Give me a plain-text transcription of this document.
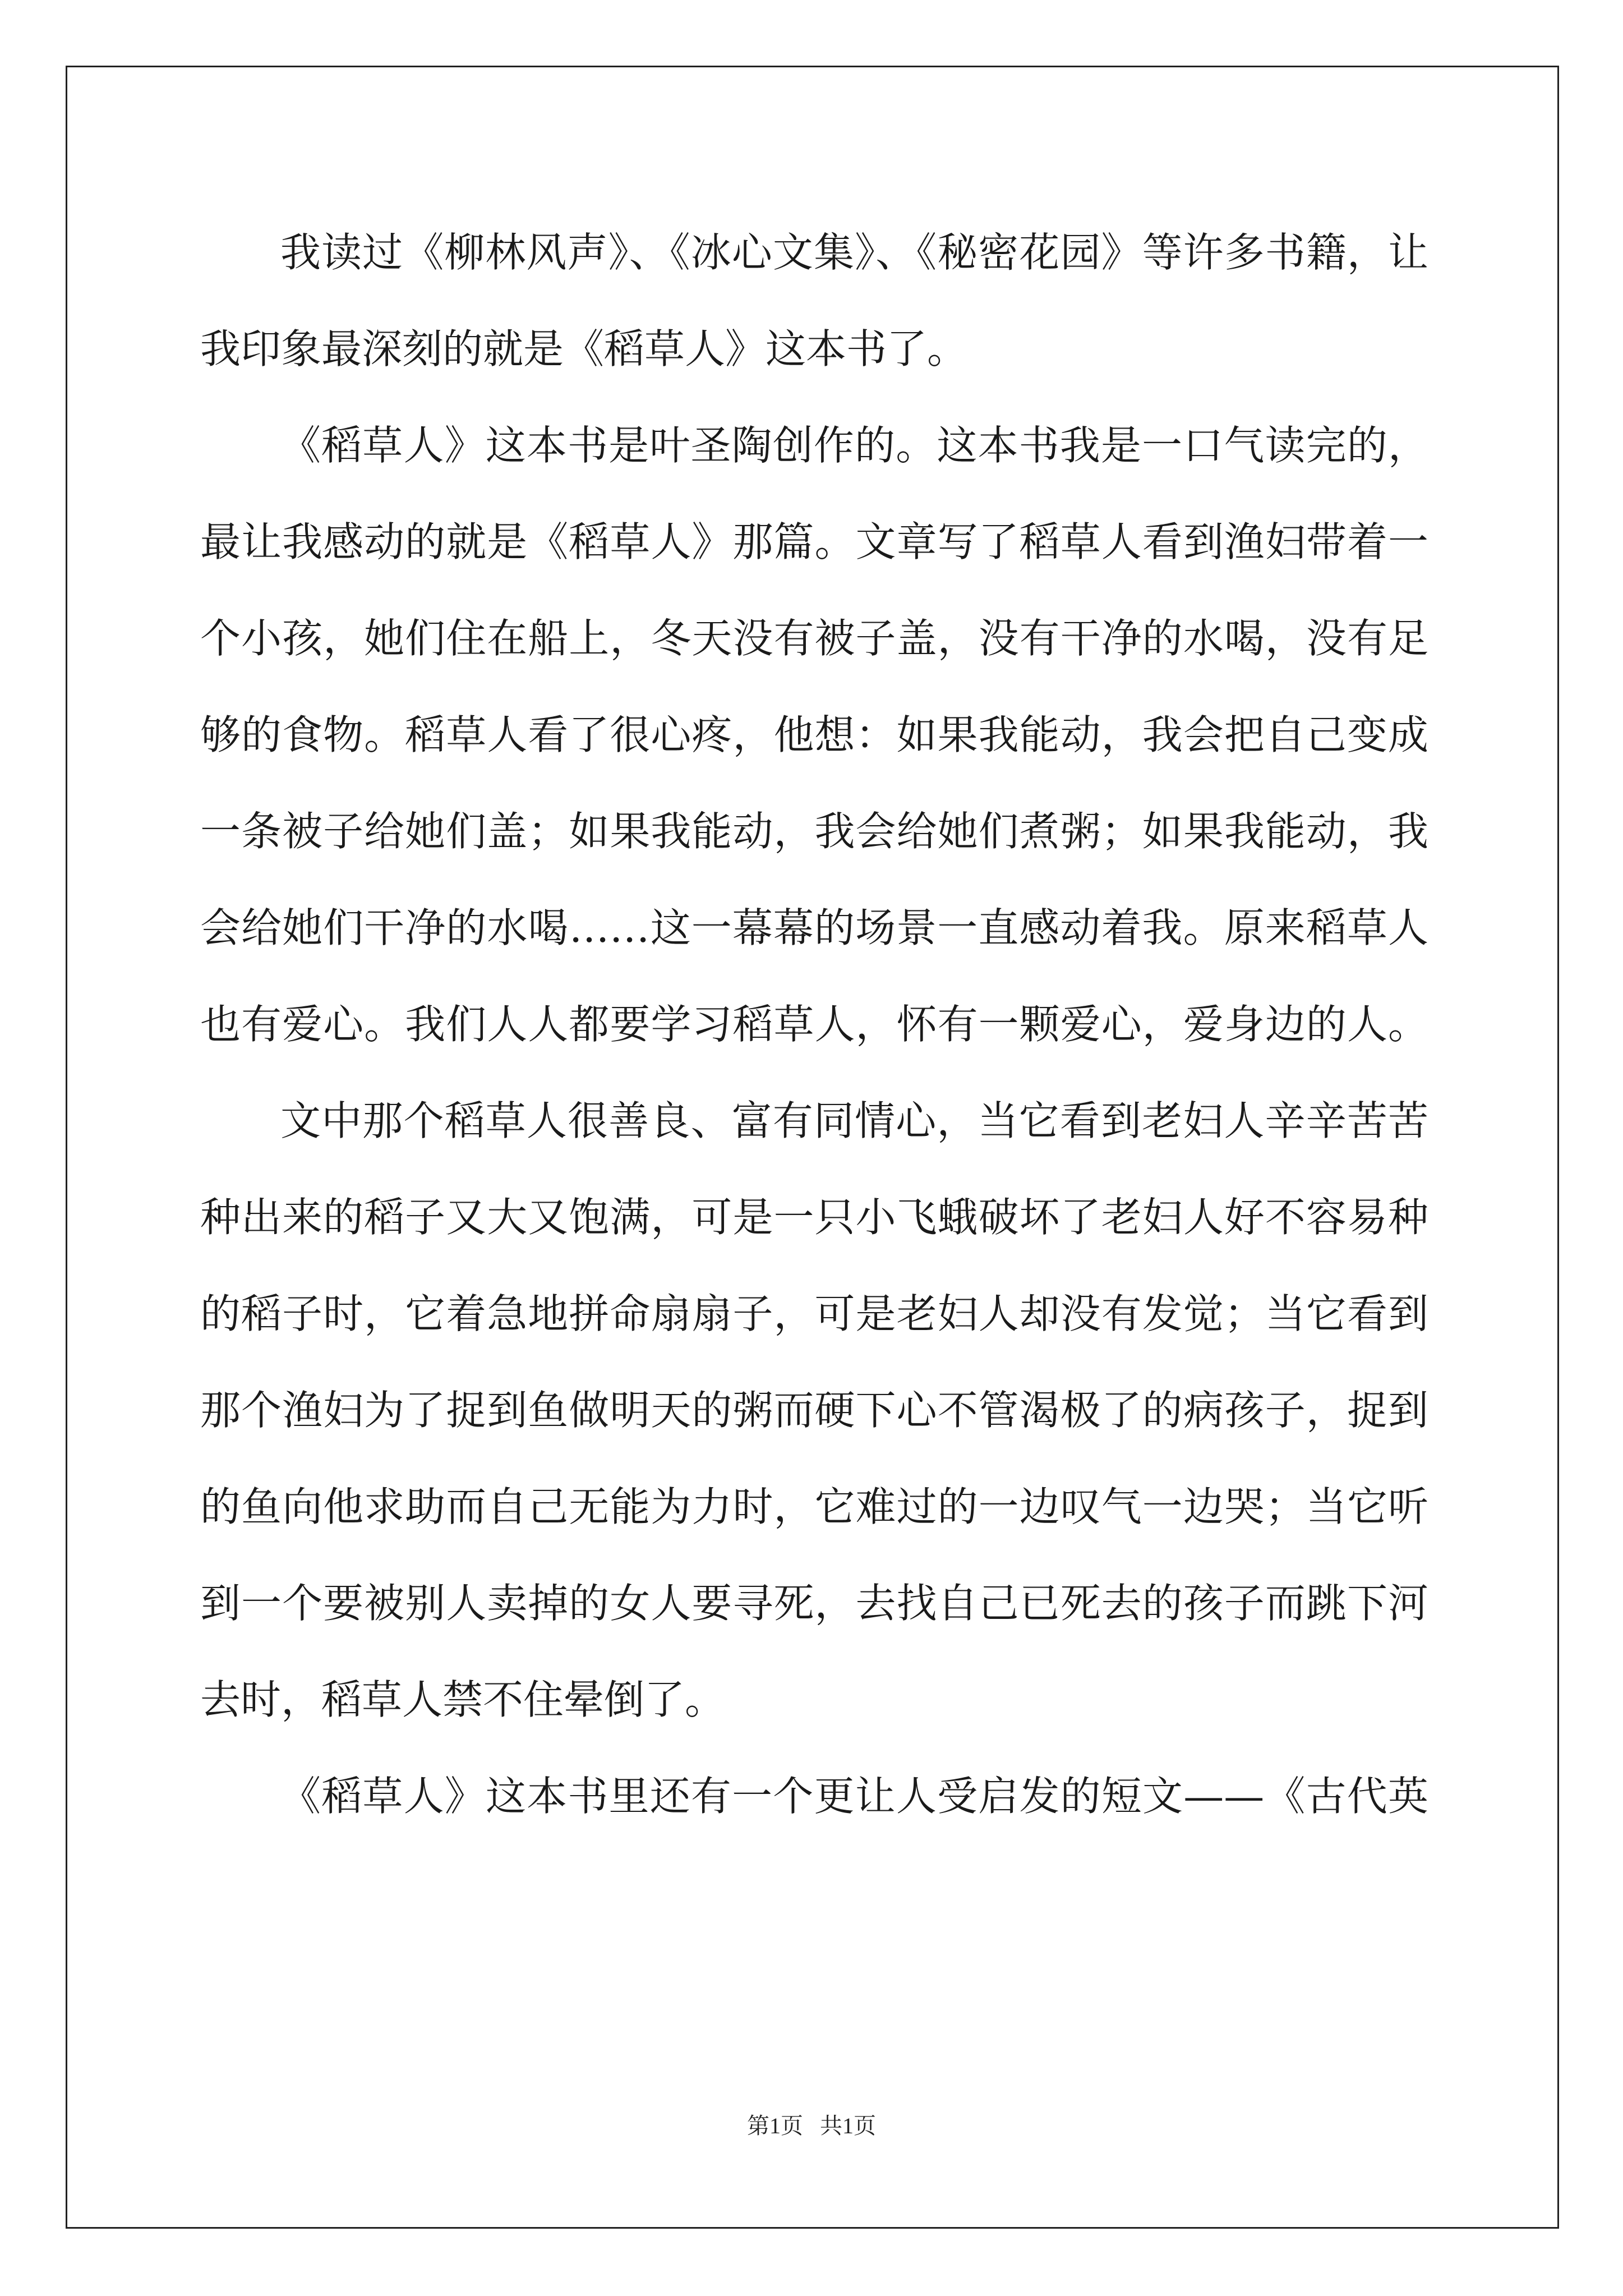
我读过《柳林风声》、《冰心文集》、《秘密花园》等许多书籍，让
我印象最深刻的就是《稻草人》这本书了。
《稻草人》这本书是叶圣陶创作的。这本书我是一口气读完的，
最让我感动的就是《稻草人》那篇。文章写了稻草人看到渔妇带着一
个小孩，她们住在船上，冬天没有被子盖，没有干净的水喝，没有足
够的食物。稻草人看了很心疼，他想：如果我能动，我会把自己变成
一条被子给她们盖；如果我能动，我会给她们煮粥；如果我能动，我
会给她们干净的水喝……这一幕幕的场景一直感动着我。原来稻草人
也有爱心。我们人人都要学习稻草人，怀有一颗爱心，爱身边的人。
文中那个稻草人很善良、富有同情心，当它看到老妇人辛辛苦苦
种出来的稻子又大又饱满，可是一只小飞蛾破坏了老妇人好不容易种
的稻子时，它着急地拼命扇扇子，可是老妇人却没有发觉；当它看到
那个渔妇为了捉到鱼做明天的粥而硬下心不管渴极了的病孩子，捉到
的鱼向他求助而自己无能为力时，它难过的一边叹气一边哭；当它听
到一个要被别人卖掉的女人要寻死，去找自己已死去的孩子而跳下河
去时，稻草人禁不住晕倒了。
《稻草人》这本书里还有一个更让人受启发的短文——《古代英
第1页   共1页
